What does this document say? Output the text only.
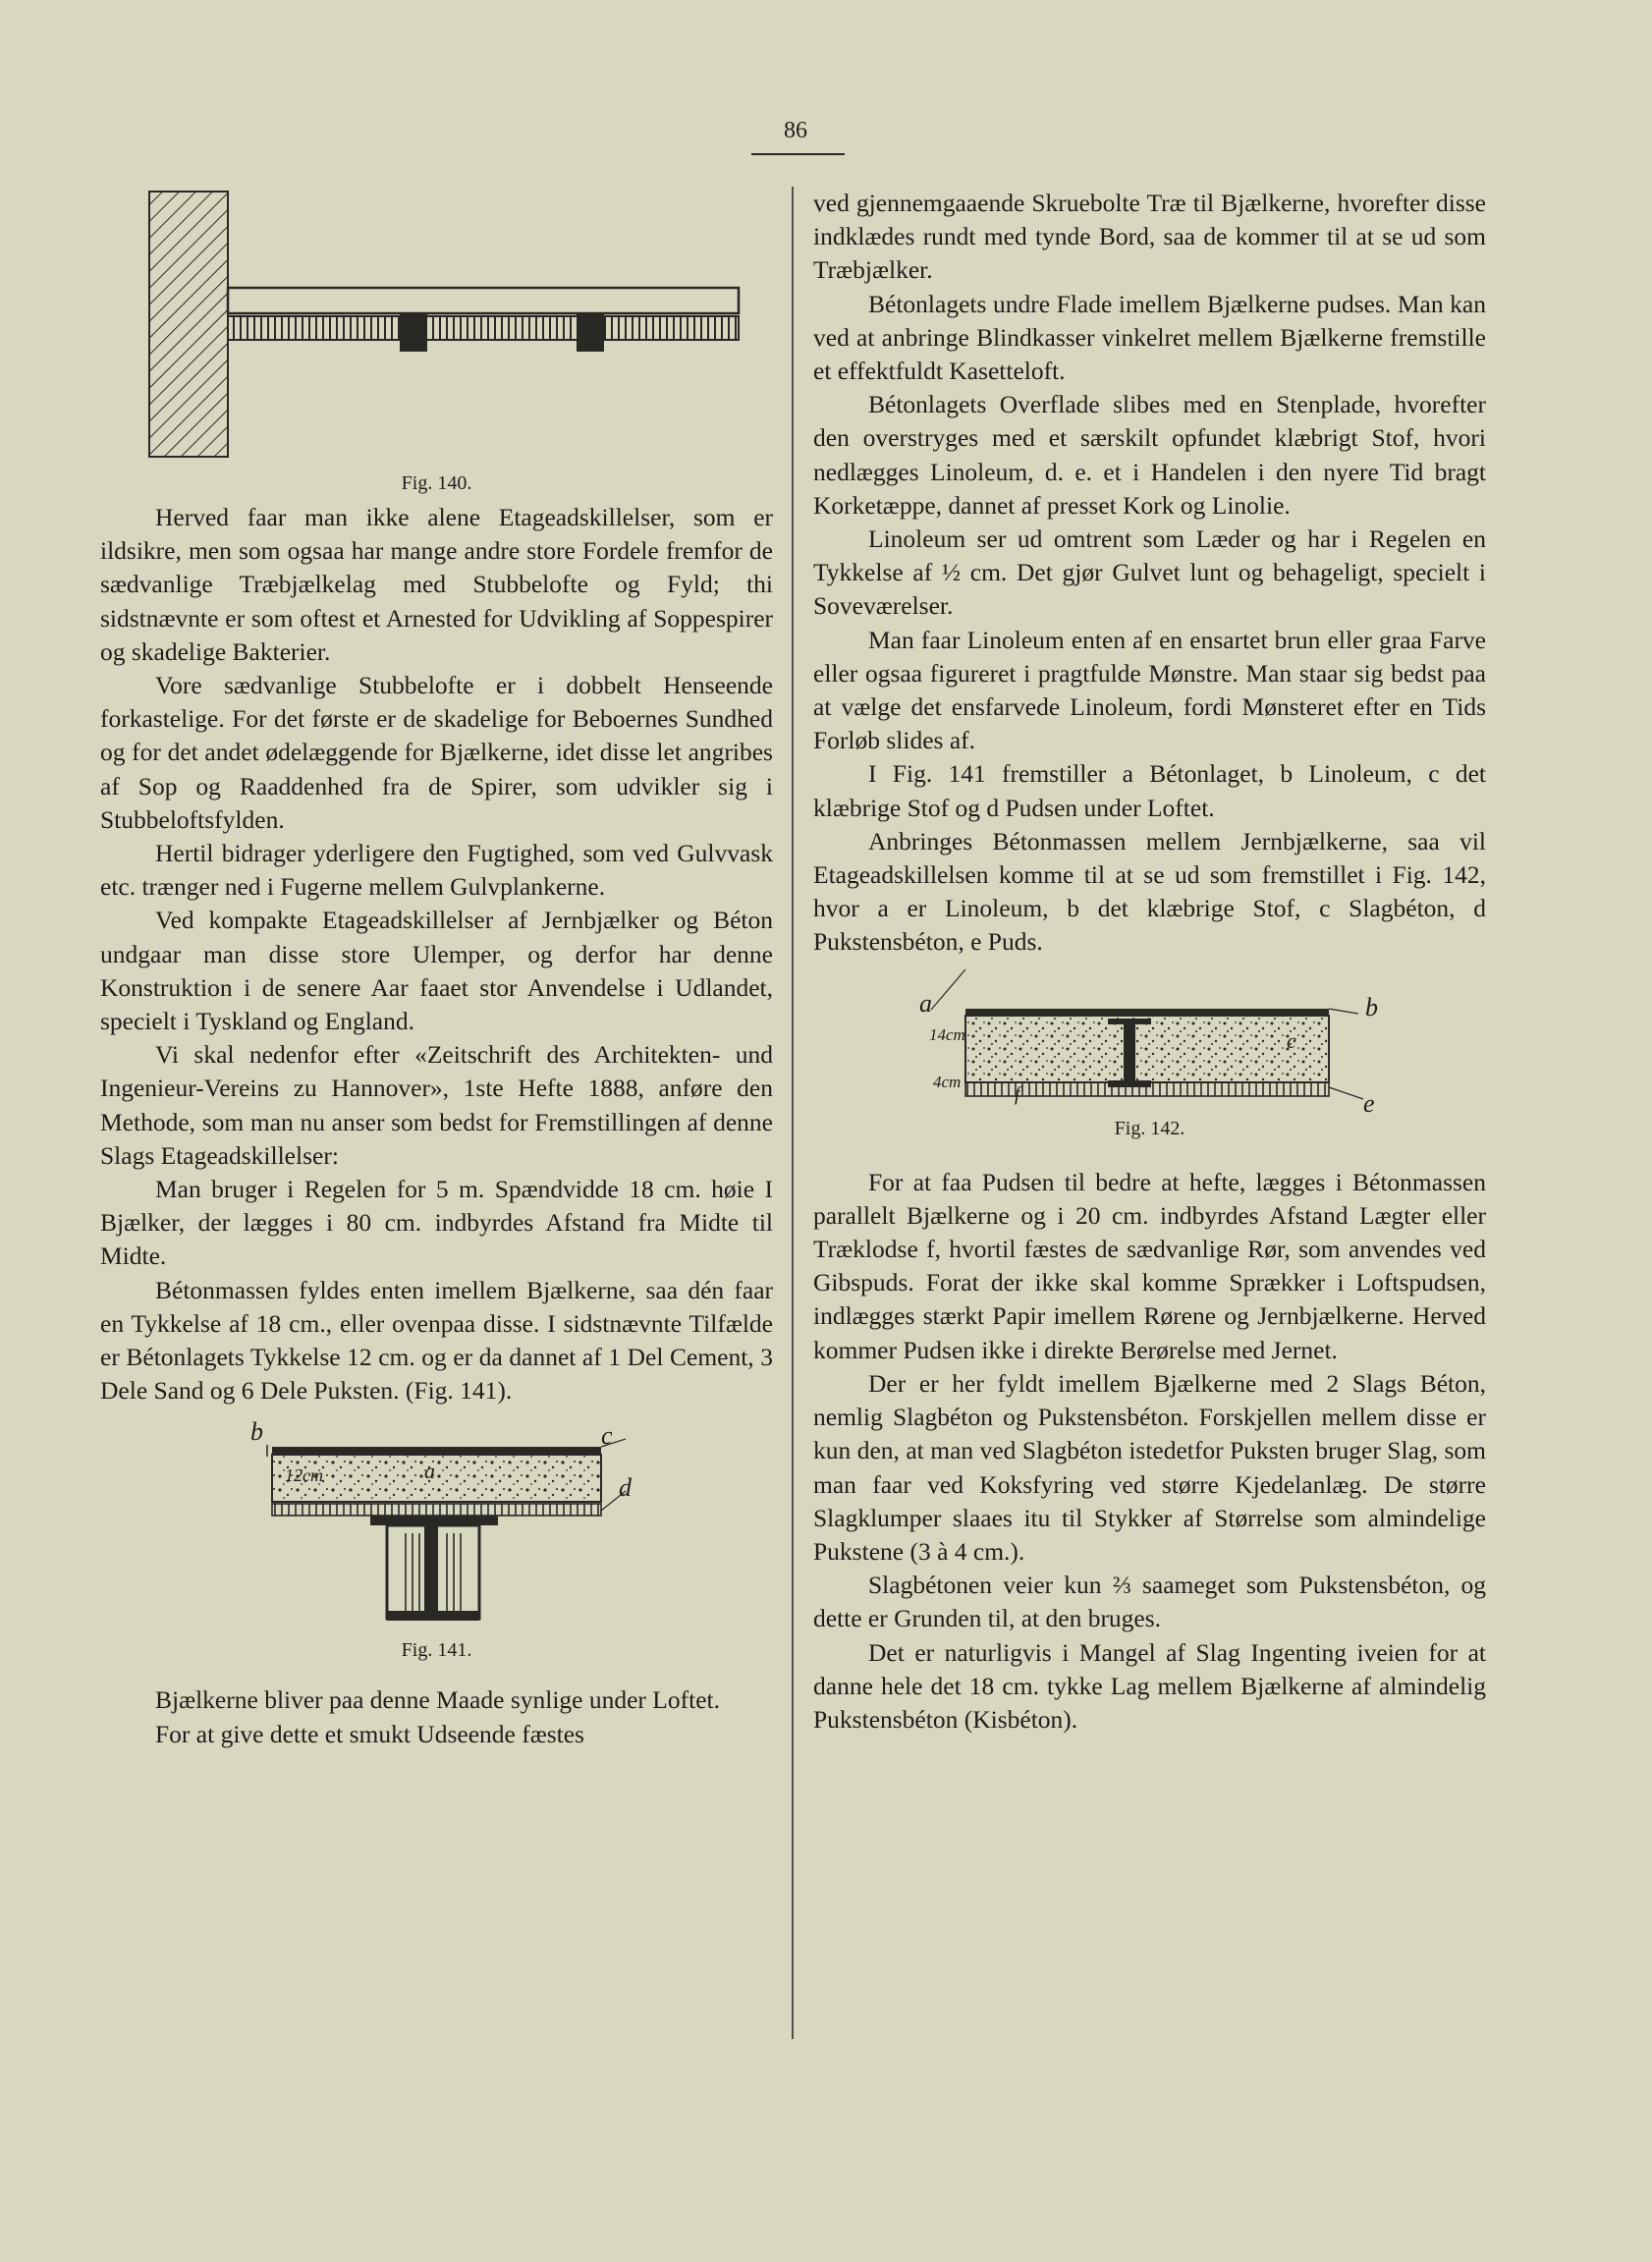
86
Fig. 140.

Herved faar man ikke alene Etageadskillelser, som er ildsikre, men som ogsaa har mange andre store Fordele fremfor de sædvanlige Træbjælkelag med Stubbelofte og Fyld; thi sidstnævnte er som oftest et Arnested for Udvikling af Soppespirer og skadelige Bakterier.

Vore sædvanlige Stubbelofte er i dobbelt Henseende forkastelige. For det første er de skadelige for Beboernes Sundhed og for det andet ødelæggende for Bjælkerne, idet disse let angribes af Sop og Raaddenhed fra de Spirer, som udvikler sig i Stubbeloftsfylden.

Hertil bidrager yderligere den Fugtighed, som ved Gulvvask etc. trænger ned i Fugerne mellem Gulvplankerne.

Ved kompakte Etageadskillelser af Jernbjælker og Béton undgaar man disse store Ulemper, og derfor har denne Konstruktion i de senere Aar faaet stor Anvendelse i Udlandet, specielt i Tyskland og England.

Vi skal nedenfor efter «Zeitschrift des Architekten- und Ingenieur-Vereins zu Hannover», 1ste Hefte 1888, anføre den Methode, som man nu anser som bedst for Fremstillingen af denne Slags Etageadskillelser:

Man bruger i Regelen for 5 m. Spændvidde 18 cm. høie I Bjælker, der lægges i 80 cm. indbyrdes Afstand fra Midte til Midte.

Bétonmassen fyldes enten imellem Bjælkerne, saa dén faar en Tykkelse af 18 cm., eller ovenpaa disse. I sidstnævnte Tilfælde er Bétonlagets Tykkelse 12 cm. og er da dannet af 1 Del Cement, 3 Dele Sand og 6 Dele Puksten. (Fig. 141).

b	c
d
a
12cm
Fig. 141.

Bjælkerne bliver paa denne Maade synlige under Loftet.

For at give dette et smukt Udseende fæstes

ved gjennemgaaende Skruebolte Træ til Bjælkerne, hvorefter disse indklædes rundt med tynde Bord, saa de kommer til at se ud som Træbjælker.

Bétonlagets undre Flade imellem Bjælkerne pudses. Man kan ved at anbringe Blindkasser vinkelret mellem Bjælkerne fremstille et effektfuldt Kasetteloft.

Bétonlagets Overflade slibes med en Stenplade, hvorefter den overstryges med et særskilt opfundet klæbrigt Stof, hvori nedlægges Linoleum, d. e. et i Handelen i den nyere Tid bragt Korketæppe, dannet af presset Kork og Linolie.

Linoleum ser ud omtrent som Læder og har i Regelen en Tykkelse af ½ cm. Det gjør Gulvet lunt og behageligt, specielt i Soveværelser.

Man faar Linoleum enten af en ensartet brun eller graa Farve eller ogsaa figureret i pragtfulde Mønstre. Man staar sig bedst paa at vælge det ensfarvede Linoleum, fordi Mønsteret efter en Tids Forløb slides af.

I Fig. 141 fremstiller a Bétonlaget, b Linoleum, c det klæbrige Stof og d Pudsen under Loftet.

Anbringes Bétonmassen mellem Jernbjælkerne, saa vil Etageadskillelsen komme til at se ud som fremstillet i Fig. 142, hvor a er Linoleum, b det klæbrige Stof, c Slagbéton, d Pukstensbéton, e Puds.

a	b
c
e
f
14cm
4cm
Fig. 142.

For at faa Pudsen til bedre at hefte, lægges i Bétonmassen parallelt Bjælkerne og i 20 cm. indbyrdes Afstand Lægter eller Træklodse f, hvortil fæstes de sædvanlige Rør, som anvendes ved Gibspuds. Forat der ikke skal komme Sprækker i Loftspudsen, indlægges stærkt Papir imellem Rørene og Jernbjælkerne. Herved kommer Pudsen ikke i direkte Berørelse med Jernet.

Der er her fyldt imellem Bjælkerne med 2 Slags Béton, nemlig Slagbéton og Pukstensbéton. Forskjellen mellem disse er kun den, at man ved Slagbéton istedetfor Puksten bruger Slag, som man faar ved Koksfyring ved større Kjedelanlæg. De større Slagklumper slaaes itu til Stykker af Størrelse som almindelige Pukstene (3 à 4 cm.).

Slagbétonen veier kun ⅔ saameget som Pukstensbéton, og dette er Grunden til, at den bruges.

Det er naturligvis i Mangel af Slag Ingenting iveien for at danne hele det 18 cm. tykke Lag mellem Bjælkerne af almindelig Pukstensbéton (Kisbéton).
